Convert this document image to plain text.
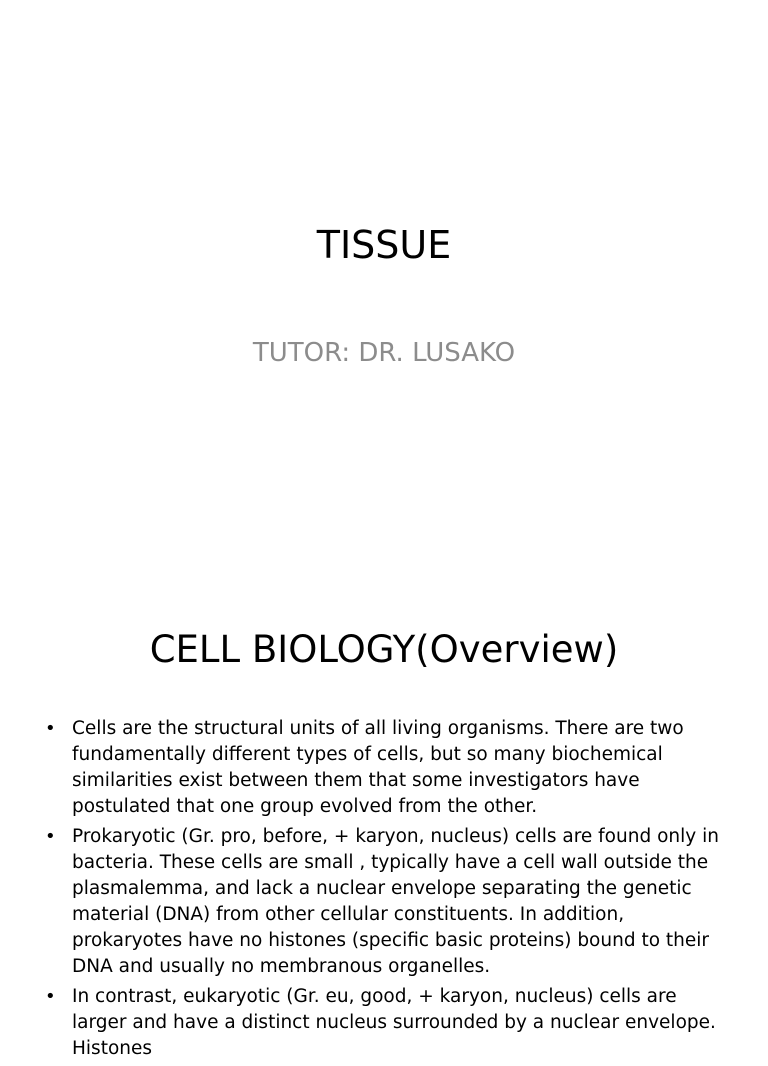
TISSUE
TUTOR: DR. LUSAKO
CELL BIOLOGY(Overview)
• Cells are the structural units of all living organisms. There are two fundamentally different types of cells, but so many biochemical similarities exist between them that some investigators have postulated that one group evolved from the other.
• Prokaryotic (Gr. pro, before, + karyon, nucleus) cells are found only in bacteria. These cells are small , typically have a cell wall outside the plasmalemma, and lack a nuclear envelope separating the genetic material (DNA) from other cellular constituents. In addition, prokaryotes have no histones (specific basic proteins) bound to their DNA and usually no membranous organelles.
• In contrast, eukaryotic (Gr. eu, good, + karyon, nucleus) cells are larger and have a distinct nucleus surrounded by a nuclear envelope. Histones
